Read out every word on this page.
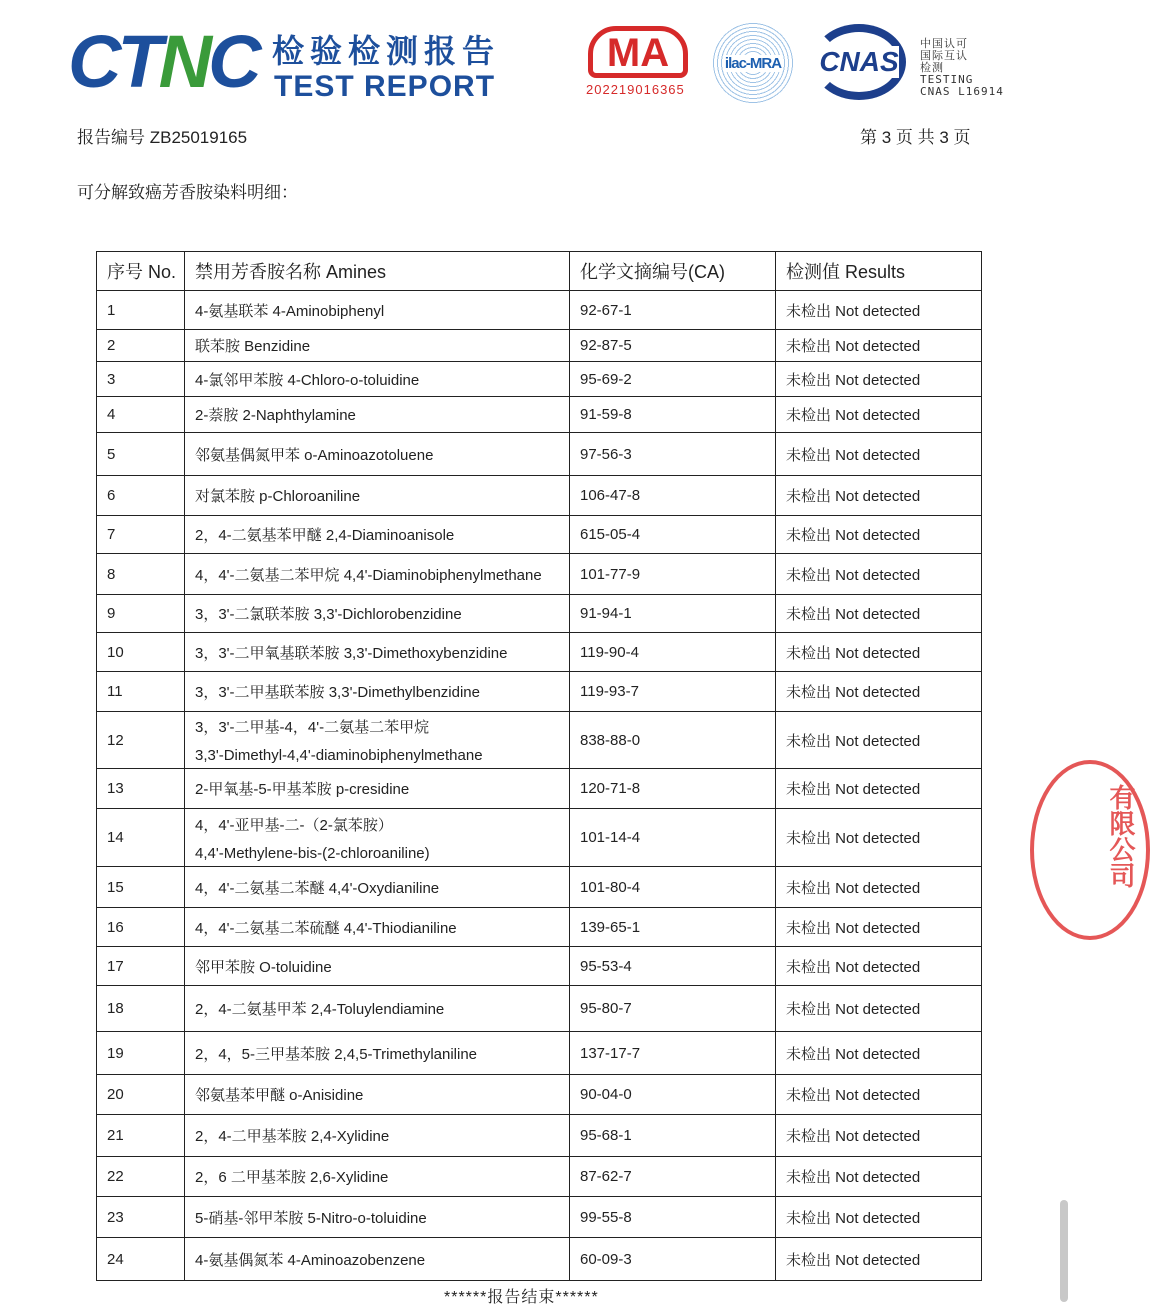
CTNC 检验检测报告
TEST REPORT
MA
202219016365
ilac-MRA CNAS
中国认可
国际互认
检测
TESTING
CNAS L16914
报告编号 ZB25019165	第 3 页 共 3 页
可分解致癌芳香胺染料明细：
序号 No.	禁用芳香胺名称 Amines	化学文摘编号(CA)	检测值 Results
1	4-氨基联苯 4-Aminobiphenyl	92-67-1	未检出 Not detected
2	联苯胺 Benzidine	92-87-5	未检出 Not detected
3	4-氯邻甲苯胺 4-Chloro-o-toluidine	95-69-2	未检出 Not detected
4	2-萘胺 2-Naphthylamine	91-59-8	未检出 Not detected
5	邻氨基偶氮甲苯 o-Aminoazotoluene	97-56-3	未检出 Not detected
6	对氯苯胺 p-Chloroaniline	106-47-8	未检出 Not detected
7	2，4-二氨基苯甲醚 2,4-Diaminoanisole	615-05-4	未检出 Not detected
8	4，4'-二氨基二苯甲烷 4,4'-Diaminobiphenylmethane	101-77-9	未检出 Not detected
9	3，3'-二氯联苯胺 3,3'-Dichlorobenzidine	91-94-1	未检出 Not detected
10	3，3'-二甲氧基联苯胺 3,3'-Dimethoxybenzidine	119-90-4	未检出 Not detected
11	3，3'-二甲基联苯胺 3,3'-Dimethylbenzidine	119-93-7	未检出 Not detected
12	3，3'-二甲基-4，4'-二氨基二苯甲烷
3,3'-Dimethyl-4,4'-diaminobiphenylmethane	838-88-0	未检出 Not detected
13	2-甲氧基-5-甲基苯胺 p-cresidine	120-71-8	未检出 Not detected
14	4，4'-亚甲基-二-（2-氯苯胺）
4,4'-Methylene-bis-(2-chloroaniline)	101-14-4	未检出 Not detected
15	4，4'-二氨基二苯醚 4,4'-Oxydianiline	101-80-4	未检出 Not detected
16	4，4'-二氨基二苯硫醚 4,4'-Thiodianiline	139-65-1	未检出 Not detected
17	邻甲苯胺 O-toluidine	95-53-4	未检出 Not detected
18	2，4-二氨基甲苯 2,4-Toluylendiamine	95-80-7	未检出 Not detected
19	2，4，5-三甲基苯胺 2,4,5-Trimethylaniline	137-17-7	未检出 Not detected
20	邻氨基苯甲醚 o-Anisidine	90-04-0	未检出 Not detected
21	2，4-二甲基苯胺 2,4-Xylidine	95-68-1	未检出 Not detected
22	2，6 二甲基苯胺 2,6-Xylidine	87-62-7	未检出 Not detected
23	5-硝基-邻甲苯胺 5-Nitro-o-toluidine	99-55-8	未检出 Not detected
24	4-氨基偶氮苯 4-Aminoazobenzene	60-09-3	未检出 Not detected
******报告结束******
有限公司
